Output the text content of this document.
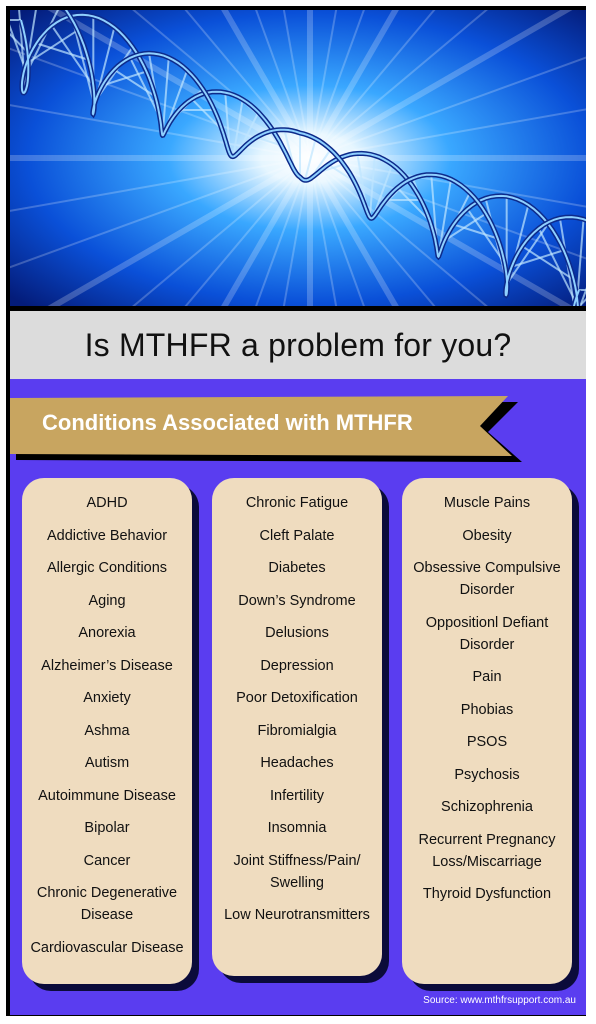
Is MTHFR a problem for you?
Conditions Associated with MTHFR
ADHD
Addictive Behavior
Allergic Conditions
Aging
Anorexia
Alzheimer’s Disease
Anxiety
Ashma
Autism
Autoimmune Disease
Bipolar
Cancer
Chronic Degenerative Disease
Cardiovascular Disease
Chronic Fatigue
Cleft Palate
Diabetes
Down’s Syndrome
Delusions
Depression
Poor Detoxification
Fibromialgia
Headaches
Infertility
Insomnia
Joint Stiffness/Pain/ Swelling
Low Neurotransmitters
Muscle Pains
Obesity
Obsessive Compulsive Disorder
Oppositionl Defiant Disorder
Pain
Phobias
PSOS
Psychosis
Schizophrenia
Recurrent Pregnancy Loss/Miscarriage
Thyroid Dysfunction
Source: www.mthfrsupport.com.au
